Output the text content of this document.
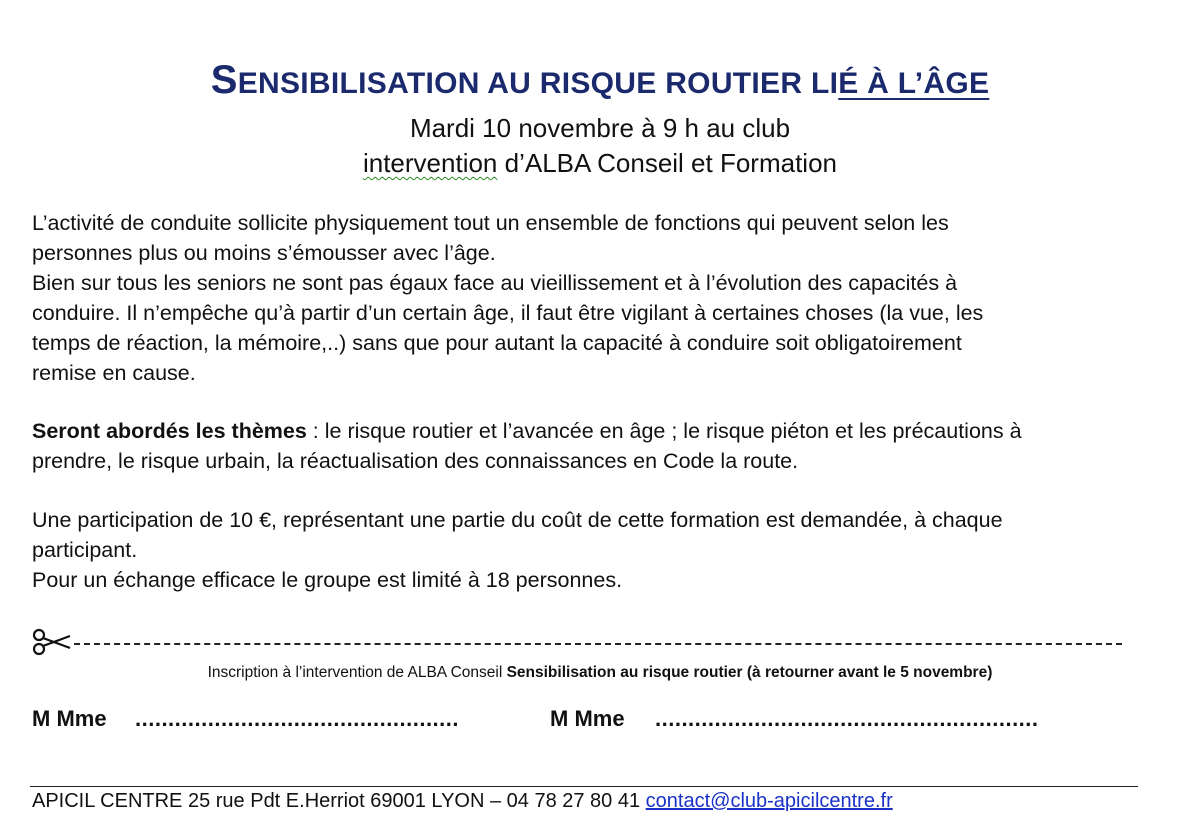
SENSIBILISATION AU RISQUE ROUTIER LIÉ À L’ÂGE
Mardi 10 novembre à 9 h au club
intervention d’ALBA Conseil et Formation
L’activité de conduite sollicite physiquement tout un ensemble de fonctions qui peuvent selon les
personnes plus ou moins s’émousser avec l’âge.
Bien sur tous les seniors ne sont pas égaux face au vieillissement et à l’évolution des capacités à
conduire. Il n’empêche qu’à partir d’un certain âge, il faut être vigilant à certaines choses (la vue, les
temps de réaction, la mémoire,..) sans que pour autant la capacité à conduire soit obligatoirement
remise en cause.
Seront abordés les thèmes : le risque routier et l’avancée en âge ; le risque piéton et les précautions à
prendre, le risque urbain, la réactualisation des connaissances en Code la route.
Une participation de 10 €, représentant une partie du coût de cette formation est demandée, à chaque
participant.
Pour un échange efficace le groupe est limité à 18 personnes.
Inscription à l’intervention de ALBA Conseil Sensibilisation au risque routier (à retourner avant le 5 novembre)
M Mme .................................................	M Mme ..........................................................
APICIL CENTRE 25 rue Pdt E.Herriot 69001 LYON – 04 78 27 80 41 contact@club-apicilcentre.fr
